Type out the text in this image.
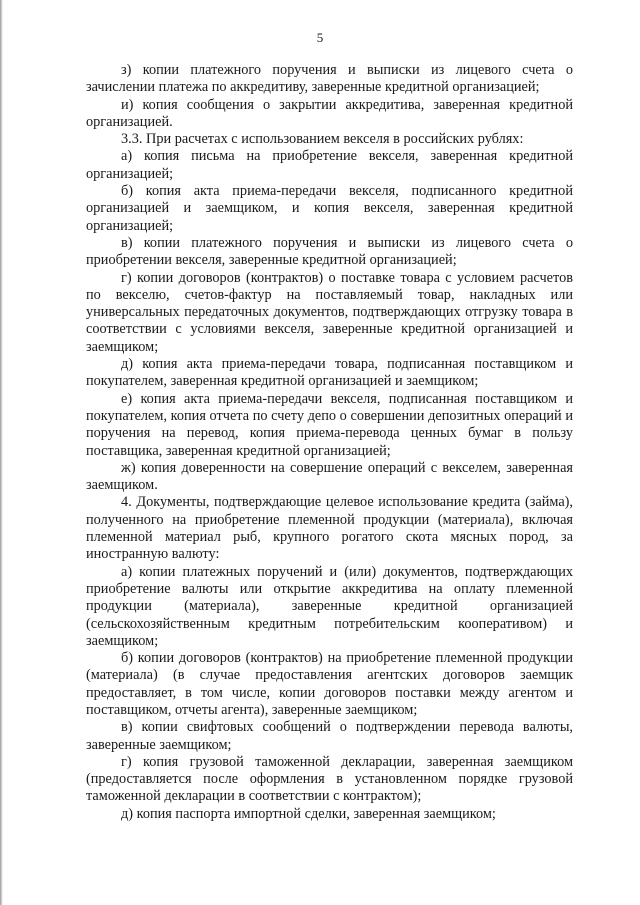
5

з) копии платежного поручения и выписки из лицевого счета о зачислении платежа по аккредитиву, заверенные кредитной организацией;

и) копия сообщения о закрытии аккредитива, заверенная кредитной организацией.

3.3. При расчетах с использованием векселя в российских рублях:

а) копия письма на приобретение векселя, заверенная кредитной организацией;

б) копия акта приема-передачи векселя, подписанного кредитной организацией и заемщиком, и копия векселя, заверенная кредитной организацией;

в) копии платежного поручения и выписки из лицевого счета о приобретении векселя, заверенные кредитной организацией;

г) копии договоров (контрактов) о поставке товара с условием расчетов по векселю, счетов-фактур на поставляемый товар, накладных или универсальных передаточных документов, подтверждающих отгрузку товара в соответствии с условиями векселя, заверенные кредитной организацией и заемщиком;

д) копия акта приема-передачи товара, подписанная поставщиком и покупателем, заверенная кредитной организацией и заемщиком;

е) копия акта приема-передачи векселя, подписанная поставщиком и покупателем, копия отчета по счету депо о совершении депозитных операций и поручения на перевод, копия приема-перевода ценных бумаг в пользу поставщика, заверенная кредитной организацией;

ж) копия доверенности на совершение операций с векселем, заверенная заемщиком.

4. Документы, подтверждающие целевое использование кредита (займа), полученного на приобретение племенной продукции (материала), включая племенной материал рыб, крупного рогатого скота мясных пород, за иностранную валюту:

а) копии платежных поручений и (или) документов, подтверждающих приобретение валюты или открытие аккредитива на оплату племенной продукции (материала), заверенные кредитной организацией (сельскохозяйственным кредитным потребительским кооперативом) и заемщиком;

б) копии договоров (контрактов) на приобретение племенной продукции (материала) (в случае предоставления агентских договоров заемщик предоставляет, в том числе, копии договоров поставки между агентом и поставщиком, отчеты агента), заверенные заемщиком;

в) копии свифтовых сообщений о подтверждении перевода валюты, заверенные заемщиком;

г) копия грузовой таможенной декларации, заверенная заемщиком (предоставляется после оформления в установленном порядке грузовой таможенной декларации в соответствии с контрактом);

д) копия паспорта импортной сделки, заверенная заемщиком;
